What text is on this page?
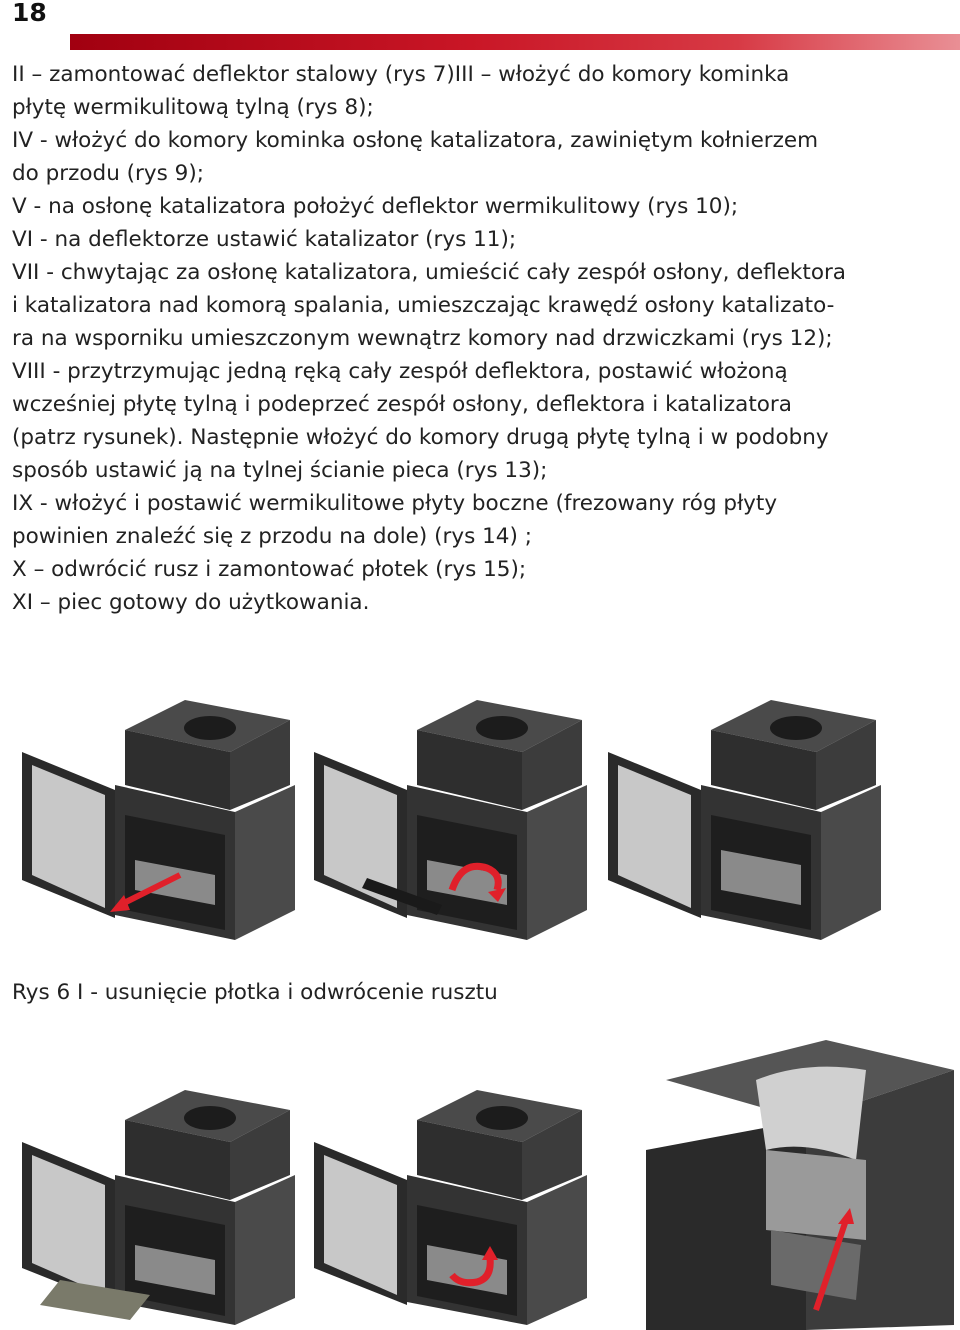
18

II – zamontować deflektor stalowy (rys 7)III – włożyć do komory kominka

płytę wermikulitową tylną (rys 8);

IV - włożyć do komory kominka osłonę katalizatora, zawiniętym kołnierzem

do przodu (rys 9);

V - na osłonę katalizatora położyć deflektor wermikulitowy (rys 10);

VI - na deflektorze ustawić katalizator (rys 11);

VII - chwytając za osłonę katalizatora, umieścić cały zespół osłony, deflektora

i katalizatora nad komorą spalania, umieszczając krawędź osłony katalizato-

ra na wsporniku umieszczonym wewnątrz komory nad drzwiczkami (rys 12);

VIII - przytrzymując jedną ręką cały zespół deflektora, postawić włożoną

wcześniej płytę tylną i podeprzeć zespół osłony, deflektora i katalizatora

(patrz rysunek). Następnie włożyć do komory drugą płytę tylną i w podobny

sposób ustawić ją na tylnej ścianie pieca (rys 13);

IX - włożyć i postawić wermikulitowe płyty boczne (frezowany róg płyty

powinien znaleźć się z przodu na dole) (rys 14) ;

X – odwrócić rusz i zamontować płotek (rys 15);

XI – piec gotowy do użytkowania.

Rys 6 I - usunięcie płotka i odwrócenie rusztu
